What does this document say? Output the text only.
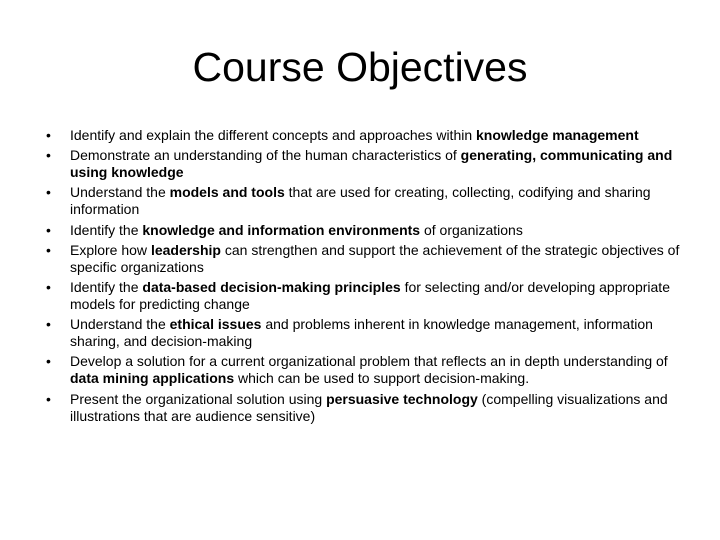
Course Objectives
•	Identify and explain the different concepts and approaches within knowledge management
•	Demonstrate an understanding of the human characteristics of generating, communicating and using knowledge
•	Understand the models and tools that are used for creating, collecting, codifying and sharing information
•	Identify the knowledge and information environments of organizations
•	Explore how leadership can strengthen and support the achievement of the strategic objectives of specific organizations
•	Identify the data-based decision-making principles for selecting and/or developing appropriate models for predicting change
•	Understand the ethical issues and problems inherent in knowledge management, information sharing, and decision-making
•	Develop a solution for a current organizational problem that reflects an in depth understanding of data mining applications which can be used to support decision-making.
•	Present the organizational solution using persuasive technology (compelling visualizations and illustrations that are audience sensitive)
